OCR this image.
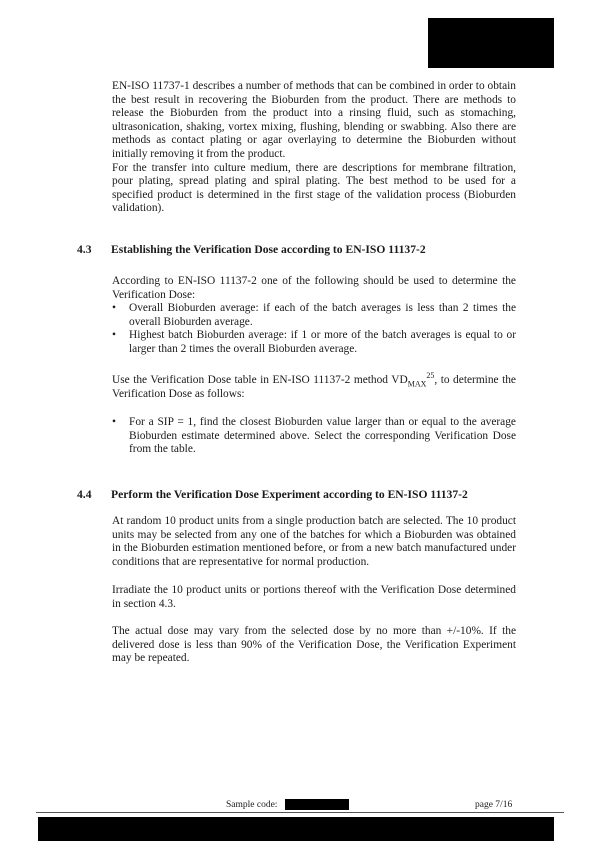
EN-ISO 11737-1 describes a number of methods that can be combined in order to obtain the best result in recovering the Bioburden from the product. There are methods to release the Bioburden from the product into a rinsing fluid, such as stomaching, ultrasonication, shaking, vortex mixing, flushing, blending or swabbing. Also there are methods as contact plating or agar overlaying to determine the Bioburden without initially removing it from the product.

For the transfer into culture medium, there are descriptions for membrane filtration, pour plating, spread plating and spiral plating. The best method to be used for a specified product is determined in the first stage of the validation process (Bioburden validation).

4.3 Establishing the Verification Dose according to EN-ISO 11137-2

According to EN-ISO 11137-2 one of the following should be used to determine the Verification Dose:

• Overall Bioburden average: if each of the batch averages is less than 2 times the overall Bioburden average.
• Highest batch Bioburden average: if 1 or more of the batch averages is equal to or larger than 2 times the overall Bioburden average.

Use the Verification Dose table in EN-ISO 11137-2 method $VD_{MAX}^{25}$, to determine the Verification Dose as follows:

• For a SIP = 1, find the closest Bioburden value larger than or equal to the average Bioburden estimate determined above. Select the corresponding Verification Dose from the table.
4.4 Perform the Verification Dose Experiment according to EN-ISO 11137-2

At random 10 product units from a single production batch are selected. The 10 product units may be selected from any one of the batches for which a Bioburden was obtained in the Bioburden estimation mentioned before, or from a new batch manufactured under conditions that are representative for normal production.

Irradiate the 10 product units or portions thereof with the Verification Dose determined in section 4.3.

The actual dose may vary from the selected dose by no more than +/-10%. If the delivered dose is less than 90% of the Verification Dose, the Verification Experiment may be repeated.

Sample code:	page 7/16
